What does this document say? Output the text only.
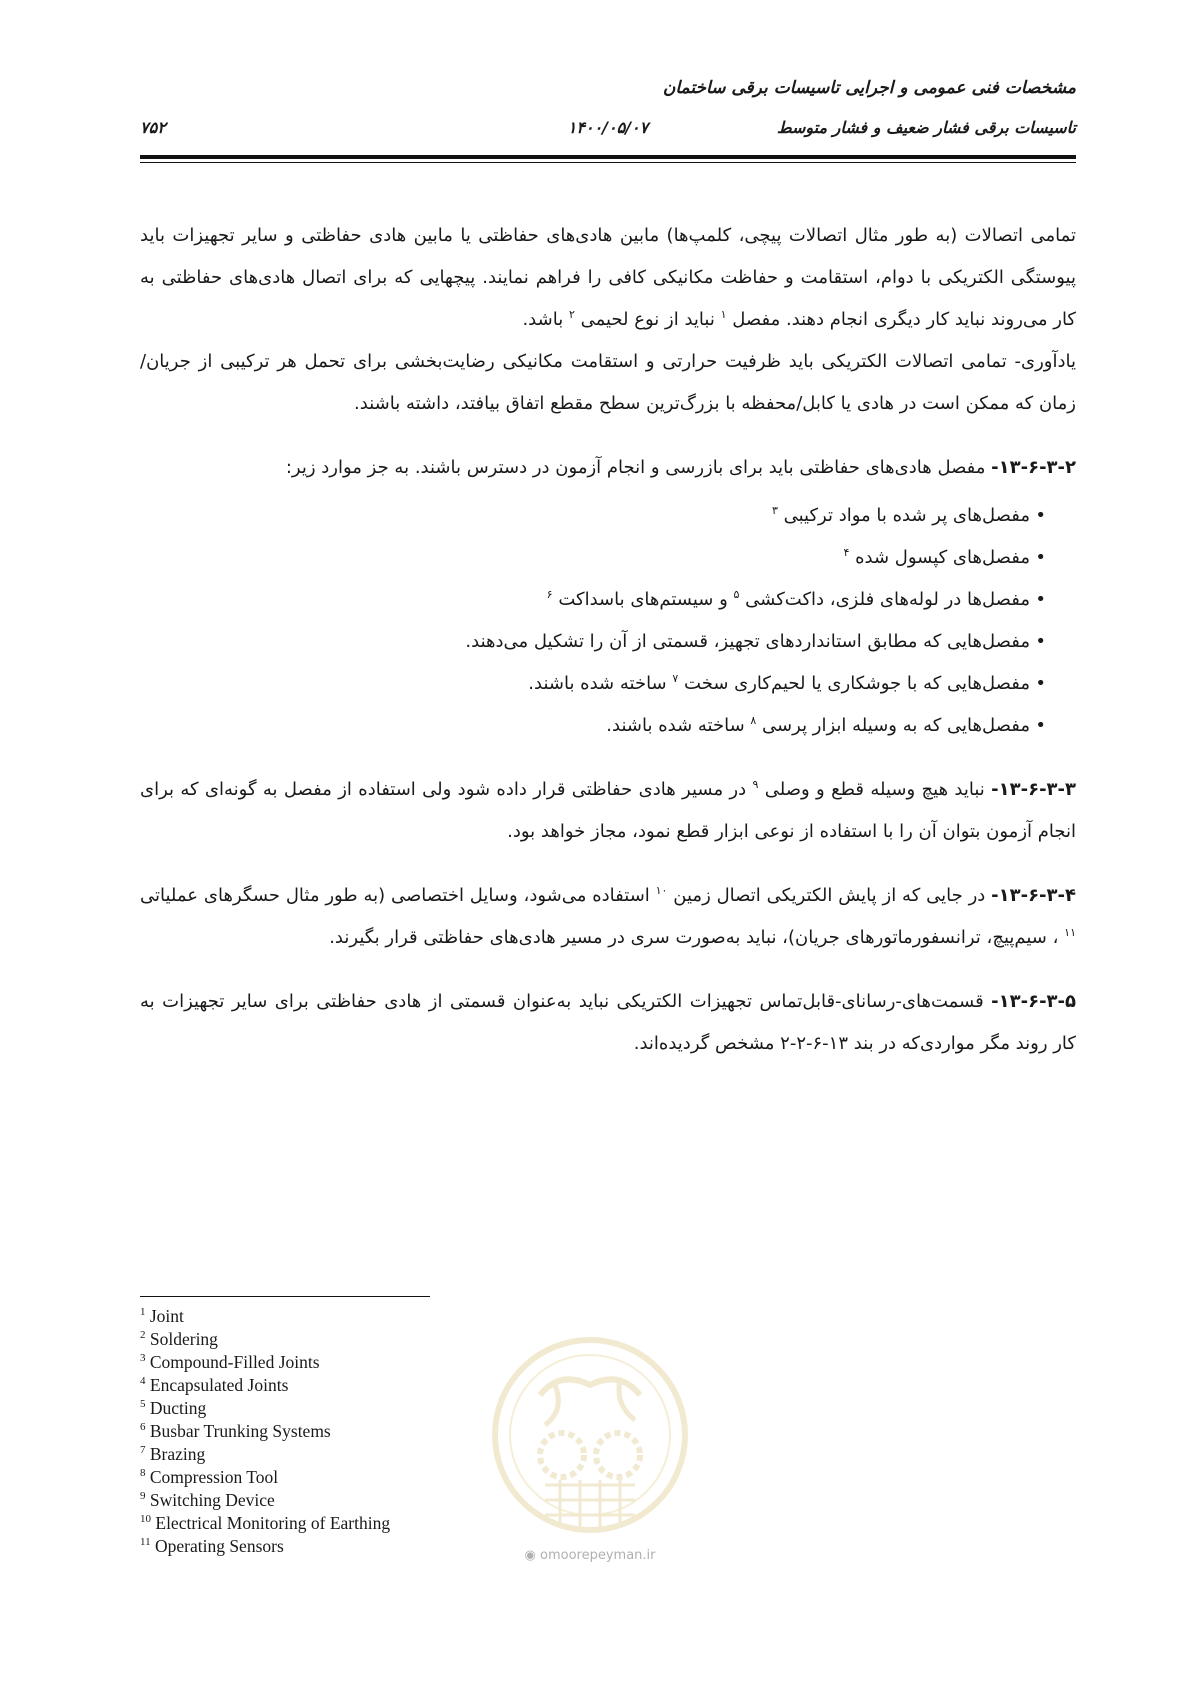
مشخصات فنی عمومی و اجرایی تاسیسات برقی ساختمان
تاسیسات برقی فشار ضعیف و فشار متوسط
۱۴۰۰/۰۵/۰۷
۷۵۲

تمامی اتصالات (به طور مثال اتصالات پیچی، کلمپ‌ها) مابین هادی‌های حفاظتی یا مابین هادی حفاظتی و سایر تجهیزات باید پیوستگی الکتریکی با دوام، استقامت و حفاظت مکانیکی کافی را فراهم نمایند. پیچهایی که برای اتصال هادی‌های حفاظتی به کار می‌روند نباید کار دیگری انجام دهند. مفصل $^۱$ نباید از نوع لحیمی $^۲$ باشد.

یادآوری- تمامی اتصالات الکتریکی باید ظرفیت حرارتی و استقامت مکانیکی رضایت‌بخشی برای تحمل هر ترکیبی از جریان/زمان که ممکن است در هادی یا کابل/محفظه با بزرگ‌ترین سطح مقطع اتفاق بیافتد، داشته باشند.

۱۳-۶-۳-۲- مفصل هادی‌های حفاظتی باید برای بازرسی و انجام آزمون در دسترس باشند. به جز موارد زیر:

• مفصل‌های پر شده با مواد ترکیبی $^۳$
• مفصل‌های کپسول شده $^۴$
• مفصل‌ها در لوله‌های فلزی، داکت‌کشی $^۵$ و سیستم‌های باسداکت $^۶$
• مفصل‌هایی که مطابق استانداردهای تجهیز، قسمتی از آن را تشکیل می‌دهند.
• مفصل‌هایی که با جوشکاری یا لحیم‌کاری سخت $^۷$ ساخته شده باشند.
• مفصل‌هایی که به وسیله ابزار پرسی $^۸$ ساخته شده باشند.

۱۳-۶-۳-۳- نباید هیچ وسیله قطع و وصلی $^۹$ در مسیر هادی حفاظتی قرار داده شود ولی استفاده از مفصل به گونه‌ای که برای انجام آزمون بتوان آن را با استفاده از نوعی ابزار قطع نمود، مجاز خواهد بود.

۱۳-۶-۳-۴- در جایی که از پایش الکتریکی اتصال زمین $^{۱۰}$ استفاده می‌شود، وسایل اختصاصی (به طور مثال حسگرهای عملیاتی $^{۱۱}$ ، سیم‌پیچ، ترانسفورماتورهای جریان)، نباید به‌صورت سری در مسیر هادی‌های حفاظتی قرار بگیرند.

۱۳-۶-۳-۵- قسمت‌های-رسانای-قابل‌تماس تجهیزات الکتریکی نباید به‌عنوان قسمتی از هادی حفاظتی برای سایر تجهیزات به کار روند مگر مواردی‌که در بند ۱۳-۶-۲-۲ مشخص گردیده‌اند.

$^1$ Joint
$^2$ Soldering
$^3$ Compound-Filled Joints
$^4$ Encapsulated Joints
$^5$ Ducting
$^6$ Busbar Trunking Systems
$^7$ Brazing
$^8$ Compression Tool
$^9$ Switching Device
$^{10}$ Electrical Monitoring of Earthing
$^{11}$ Operating Sensors	◉ omoorepeyman.ir
